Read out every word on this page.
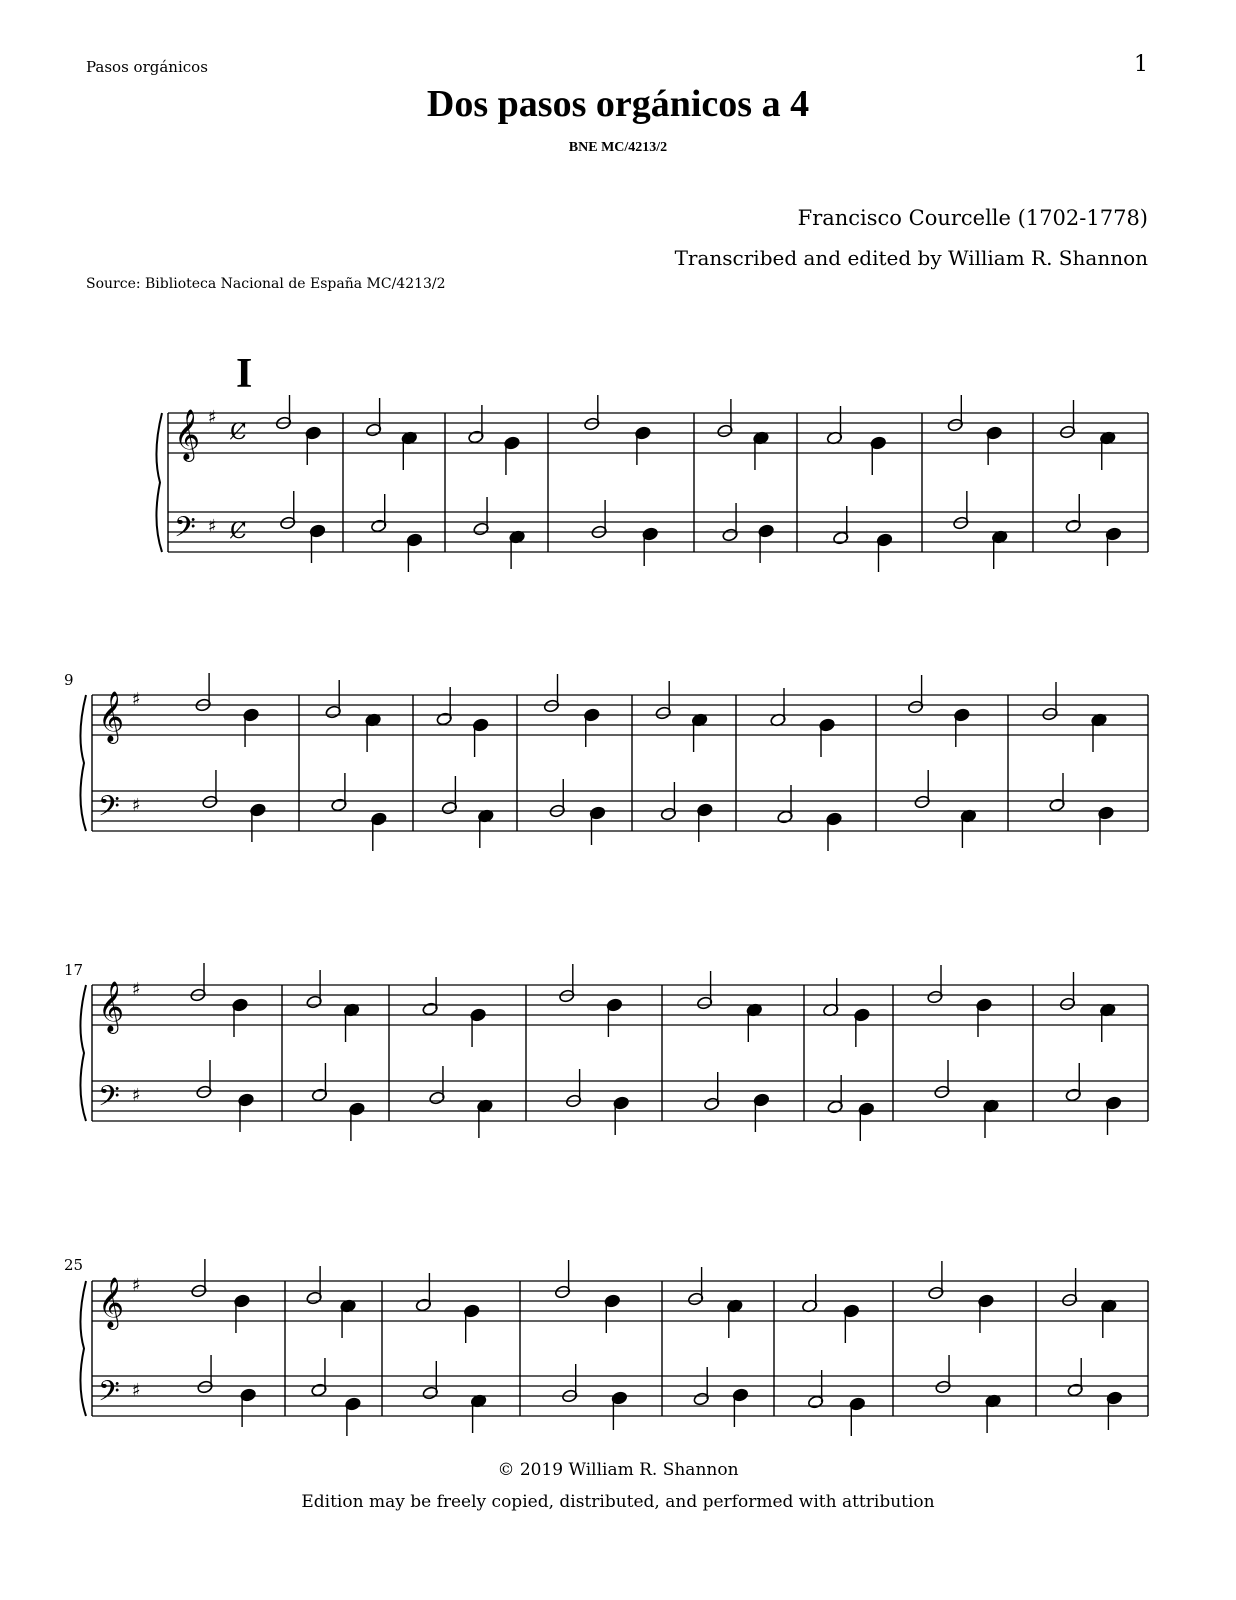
Pasos orgánicos	1
Dos pasos orgánicos a 4
BNE MC/4213/2
Francisco Courcelle (1702-1778)
Transcribed and edited by William R. Shannon
Source: Biblioteca Nacional de España MC/4213/2
I
𝄞
𝄢
♯
♯
C̸
C̸
𝄞
𝄢
♯
♯
9
𝄞
𝄢
♯
♯
17
𝄞
𝄢
♯
♯
25
© 2019 William R. Shannon
Edition may be freely copied, distributed, and performed with attribution
